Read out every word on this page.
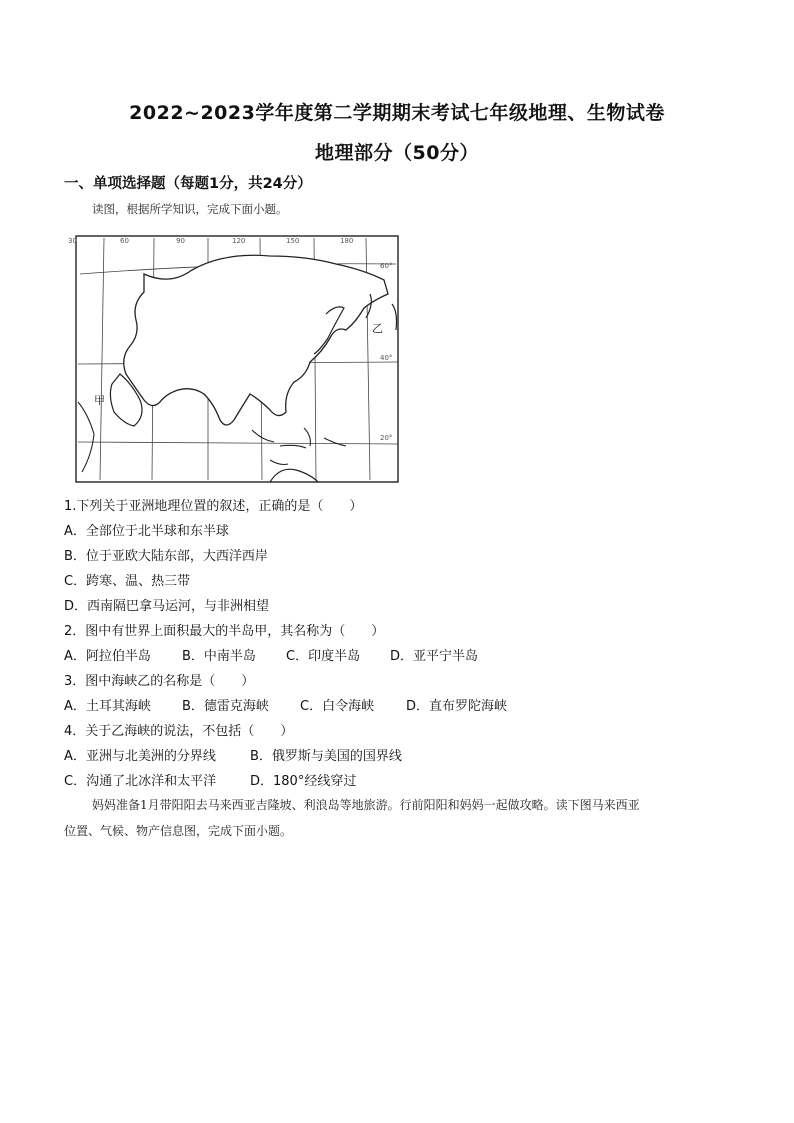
2022~2023学年度第二学期期末考试七年级地理、生物试卷
地理部分（50分）
一、单项选择题（每题1分，共24分）
读图，根据所学知识，完成下面小题。
30	60	90	120	150	180
60°
40°
20°
甲
乙
1.下列关于亚洲地理位置的叙述，正确的是（　　）
A．全部位于北半球和东半球
B．位于亚欧大陆东部，大西洋西岸
C．跨寒、温、热三带
D．西南隔巴拿马运河，与非洲相望
2．图中有世界上面积最大的半岛甲，其名称为（　　）
A．阿拉伯半岛 B．中南半岛 C．印度半岛 D．亚平宁半岛
3．图中海峡乙的名称是（　　）
A．土耳其海峡 B．德雷克海峡 C．白令海峡 D．直布罗陀海峡
4．关于乙海峡的说法，不包括（　　）
A．亚洲与北美洲的分界线	B．俄罗斯与美国的国界线
C．沟通了北冰洋和太平洋	D．180°经线穿过
妈妈准备1月带阳阳去马来西亚吉隆坡、利浪岛等地旅游。行前阳阳和妈妈一起做攻略。读下图马来西亚
位置、气候、物产信息图，完成下面小题。
